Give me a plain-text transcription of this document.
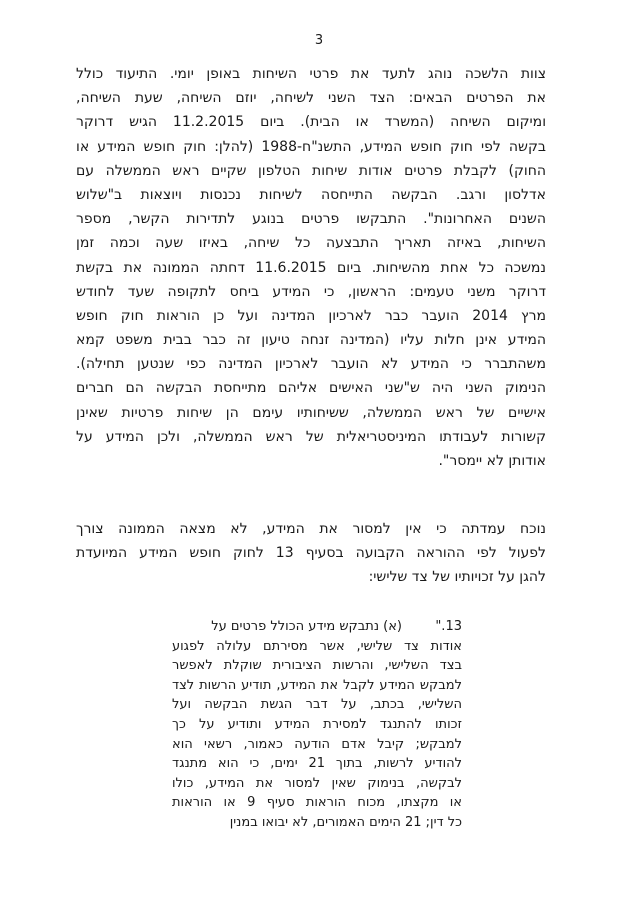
3
צוות הלשכה נוהג לתעד את פרטי השיחות באופן יומי. התיעוד כולל
את הפרטים הבאים: הצד השני לשיחה, יוזם השיחה, שעת השיחה,
ומיקום השיחה (המשרד או הבית). ביום 11.2.2015 הגיש דרוקר
בקשה לפי חוק חופש המידע, התשנ"ח-1988 (להלן: חוק חופש המידע או
החוק) לקבלת פרטים אודות שיחות הטלפון שקיים ראש הממשלה עם
אדלסון ורגב. הבקשה התייחסה לשיחות נכנסות ויוצאות ב"שלוש
השנים האחרונות". התבקשו פרטים בנוגע לתדירות הקשר, מספר
השיחות, באיזה תאריך התבצעה כל שיחה, באיזו שעה וכמה זמן
נמשכה כל אחת מהשיחות. ביום 11.6.2015 דחתה הממונה את בקשת
דרוקר משני טעמים: הראשון, כי המידע ביחס לתקופה שעד לחודש
מרץ 2014 הועבר כבר לארכיון המדינה ועל כן הוראות חוק חופש
המידע אינן חלות עליו (המדינה זנחה טיעון זה כבר בבית משפט קמא
משהתברר כי המידע לא הועבר לארכיון המדינה כפי שנטען תחילה).
הנימוק השני היה ש"שני האישים אליהם מתייחסת הבקשה הם חברים
אישיים של ראש הממשלה, ששיחותיו עימם הן שיחות פרטיות שאינן
קשורות לעבודתו המיניסטריאלית של ראש הממשלה, ולכן המידע על
אודותן לא יימסר".
נוכח עמדתה כי אין למסור את המידע, לא מצאה הממונה צורך
לפעול לפי ההוראה הקבועה בסעיף 13 לחוק חופש המידע המיועדת
להגן על זכויותיו של צד שלישי:
13."
(א) נתבקש מידע הכולל פרטים על
אודות צד שלישי, אשר מסירתם עלולה לפגוע
בצד השלישי, והרשות הציבורית שוקלת לאפשר
למבקש המידע לקבל את המידע, תודיע הרשות לצד
השלישי, בכתב, על דבר הגשת הבקשה ועל
זכותו להתנגד למסירת המידע ותודיע על כך
למבקש; קיבל אדם הודעה כאמור, רשאי הוא
להודיע לרשות, בתוך 21 ימים, כי הוא מתנגד
לבקשה, בנימוק שאין למסור את המידע, כולו
או מקצתו, מכוח הוראות סעיף 9 או הוראות
כל דין; 21 הימים האמורים, לא יבואו במנין
